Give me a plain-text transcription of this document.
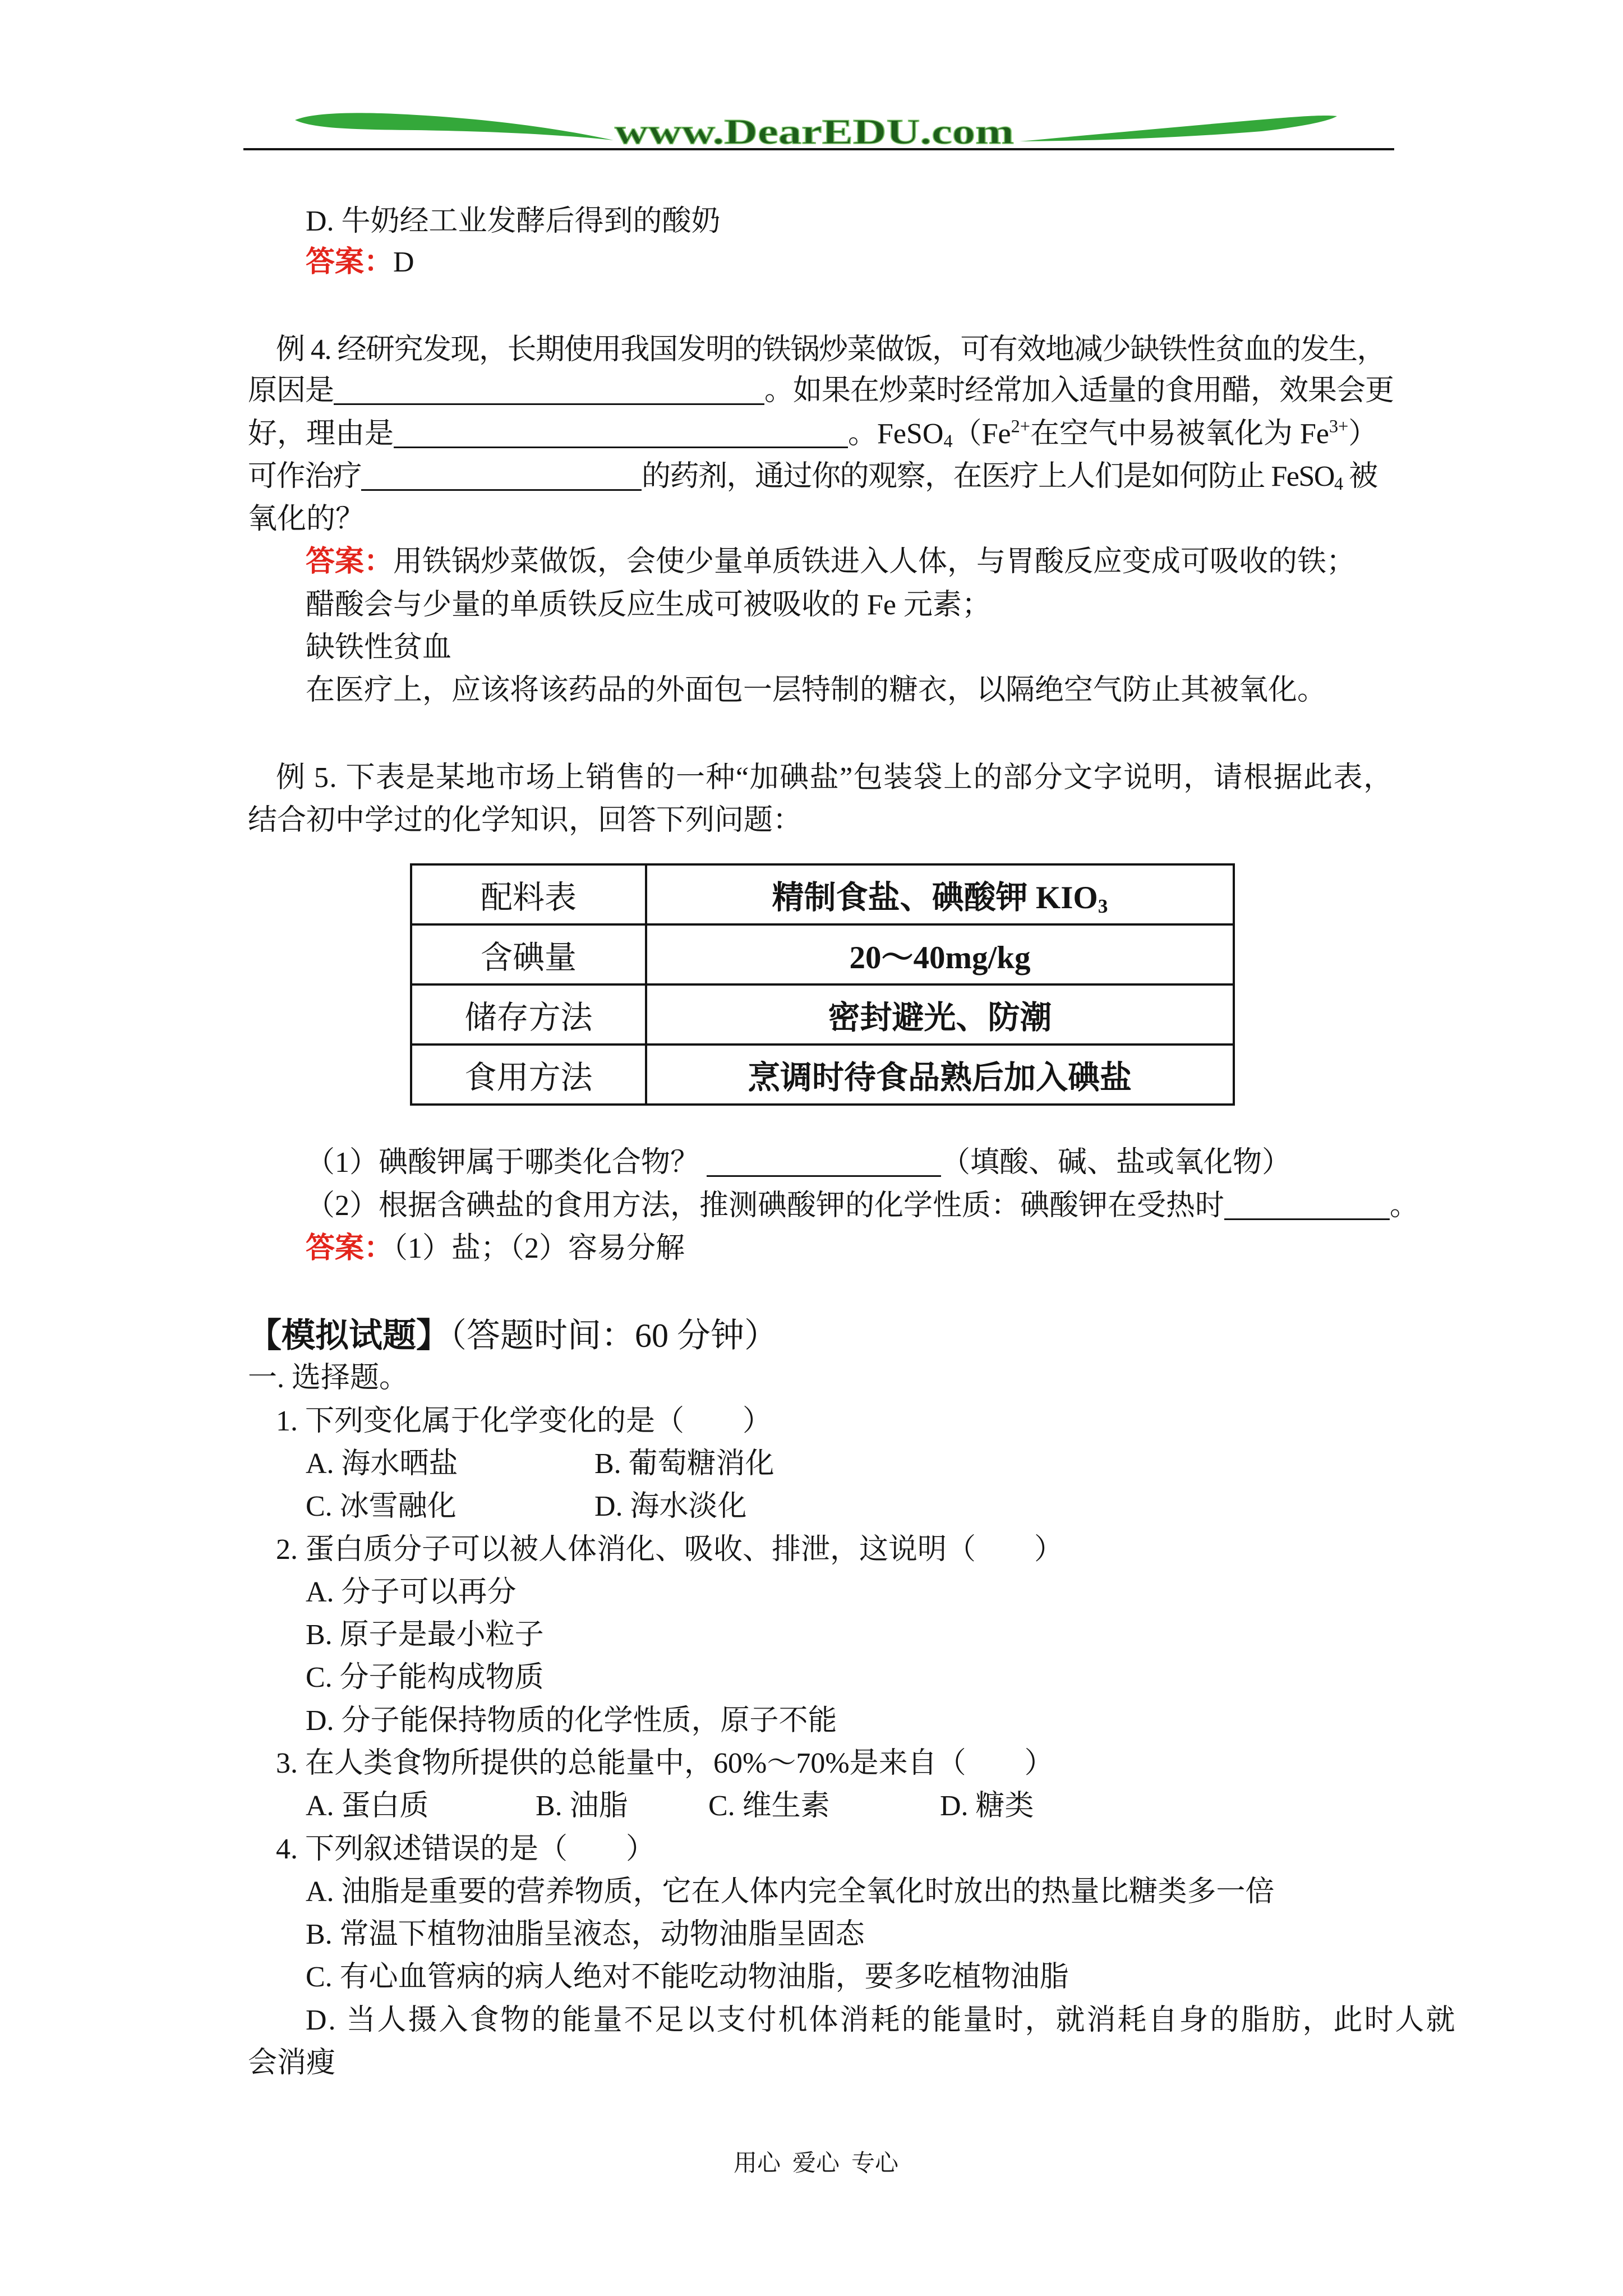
www.DearEDU.com
D. 牛奶经工业发酵后得到的酸奶
答案：D
例 4. 经研究发现，长期使用我国发明的铁锅炒菜做饭，可有效地减少缺铁性贫血的发生，
原因是	。如果在炒菜时经常加入适量的食用醋，效果会更
好，理由是	。$FeSO_4(Fe^{2+}$在空气中易被氧化为 $Fe^{3+}$）
可作治疗	的药剂，通过你的观察，在医疗上人们是如何防止 FeSO$_4$ 被
氧化的？
答案：用铁锅炒菜做饭，会使少量单质铁进入人体，与胃酸反应变成可吸收的铁；
醋酸会与少量的单质铁反应生成可被吸收的 Fe 元素；
缺铁性贫血
在医疗上，应该将该药品的外面包一层特制的糖衣，以隔绝空气防止其被氧化。
例 5. 下表是某地市场上销售的一种“加碘盐”包装袋上的部分文字说明，请根据此表，
结合初中学过的化学知识，回答下列问题：
配料表	精制食盐、碘酸钾 $KIO_3$
含碘量	20～40mg/kg
储存方法	密封避光、防潮
食用方法	烹调时待食品熟后加入碘盐
（1）碘酸钾属于哪类化合物？	（填酸、碱、盐或氧化物）
（2）根据含碘盐的食用方法，推测碘酸钾的化学性质：碘酸钾在受热时	。
答案：（1）盐；（2）容易分解
【模拟试题】（答题时间：60 分钟）
一. 选择题。
1. 下列变化属于化学变化的是（　　）
A. 海水晒盐	B. 葡萄糖消化
C. 冰雪融化	D. 海水淡化
2. 蛋白质分子可以被人体消化、吸收、排泄，这说明（　　）
A. 分子可以再分
B. 原子是最小粒子
C. 分子能构成物质
D. 分子能保持物质的化学性质，原子不能
3. 在人类食物所提供的总能量中，60%～70%是来自（　　）
A. 蛋白质	B. 油脂	C. 维生素	D. 糖类
4. 下列叙述错误的是（　　）
A. 油脂是重要的营养物质，它在人体内完全氧化时放出的热量比糖类多一倍
B. 常温下植物油脂呈液态，动物油脂呈固态
C. 有心血管病的病人绝对不能吃动物油脂，要多吃植物油脂
D. 当人摄入食物的能量不足以支付机体消耗的能量时，就消耗自身的脂肪，此时人就
会消瘦
用心  爱心  专心
